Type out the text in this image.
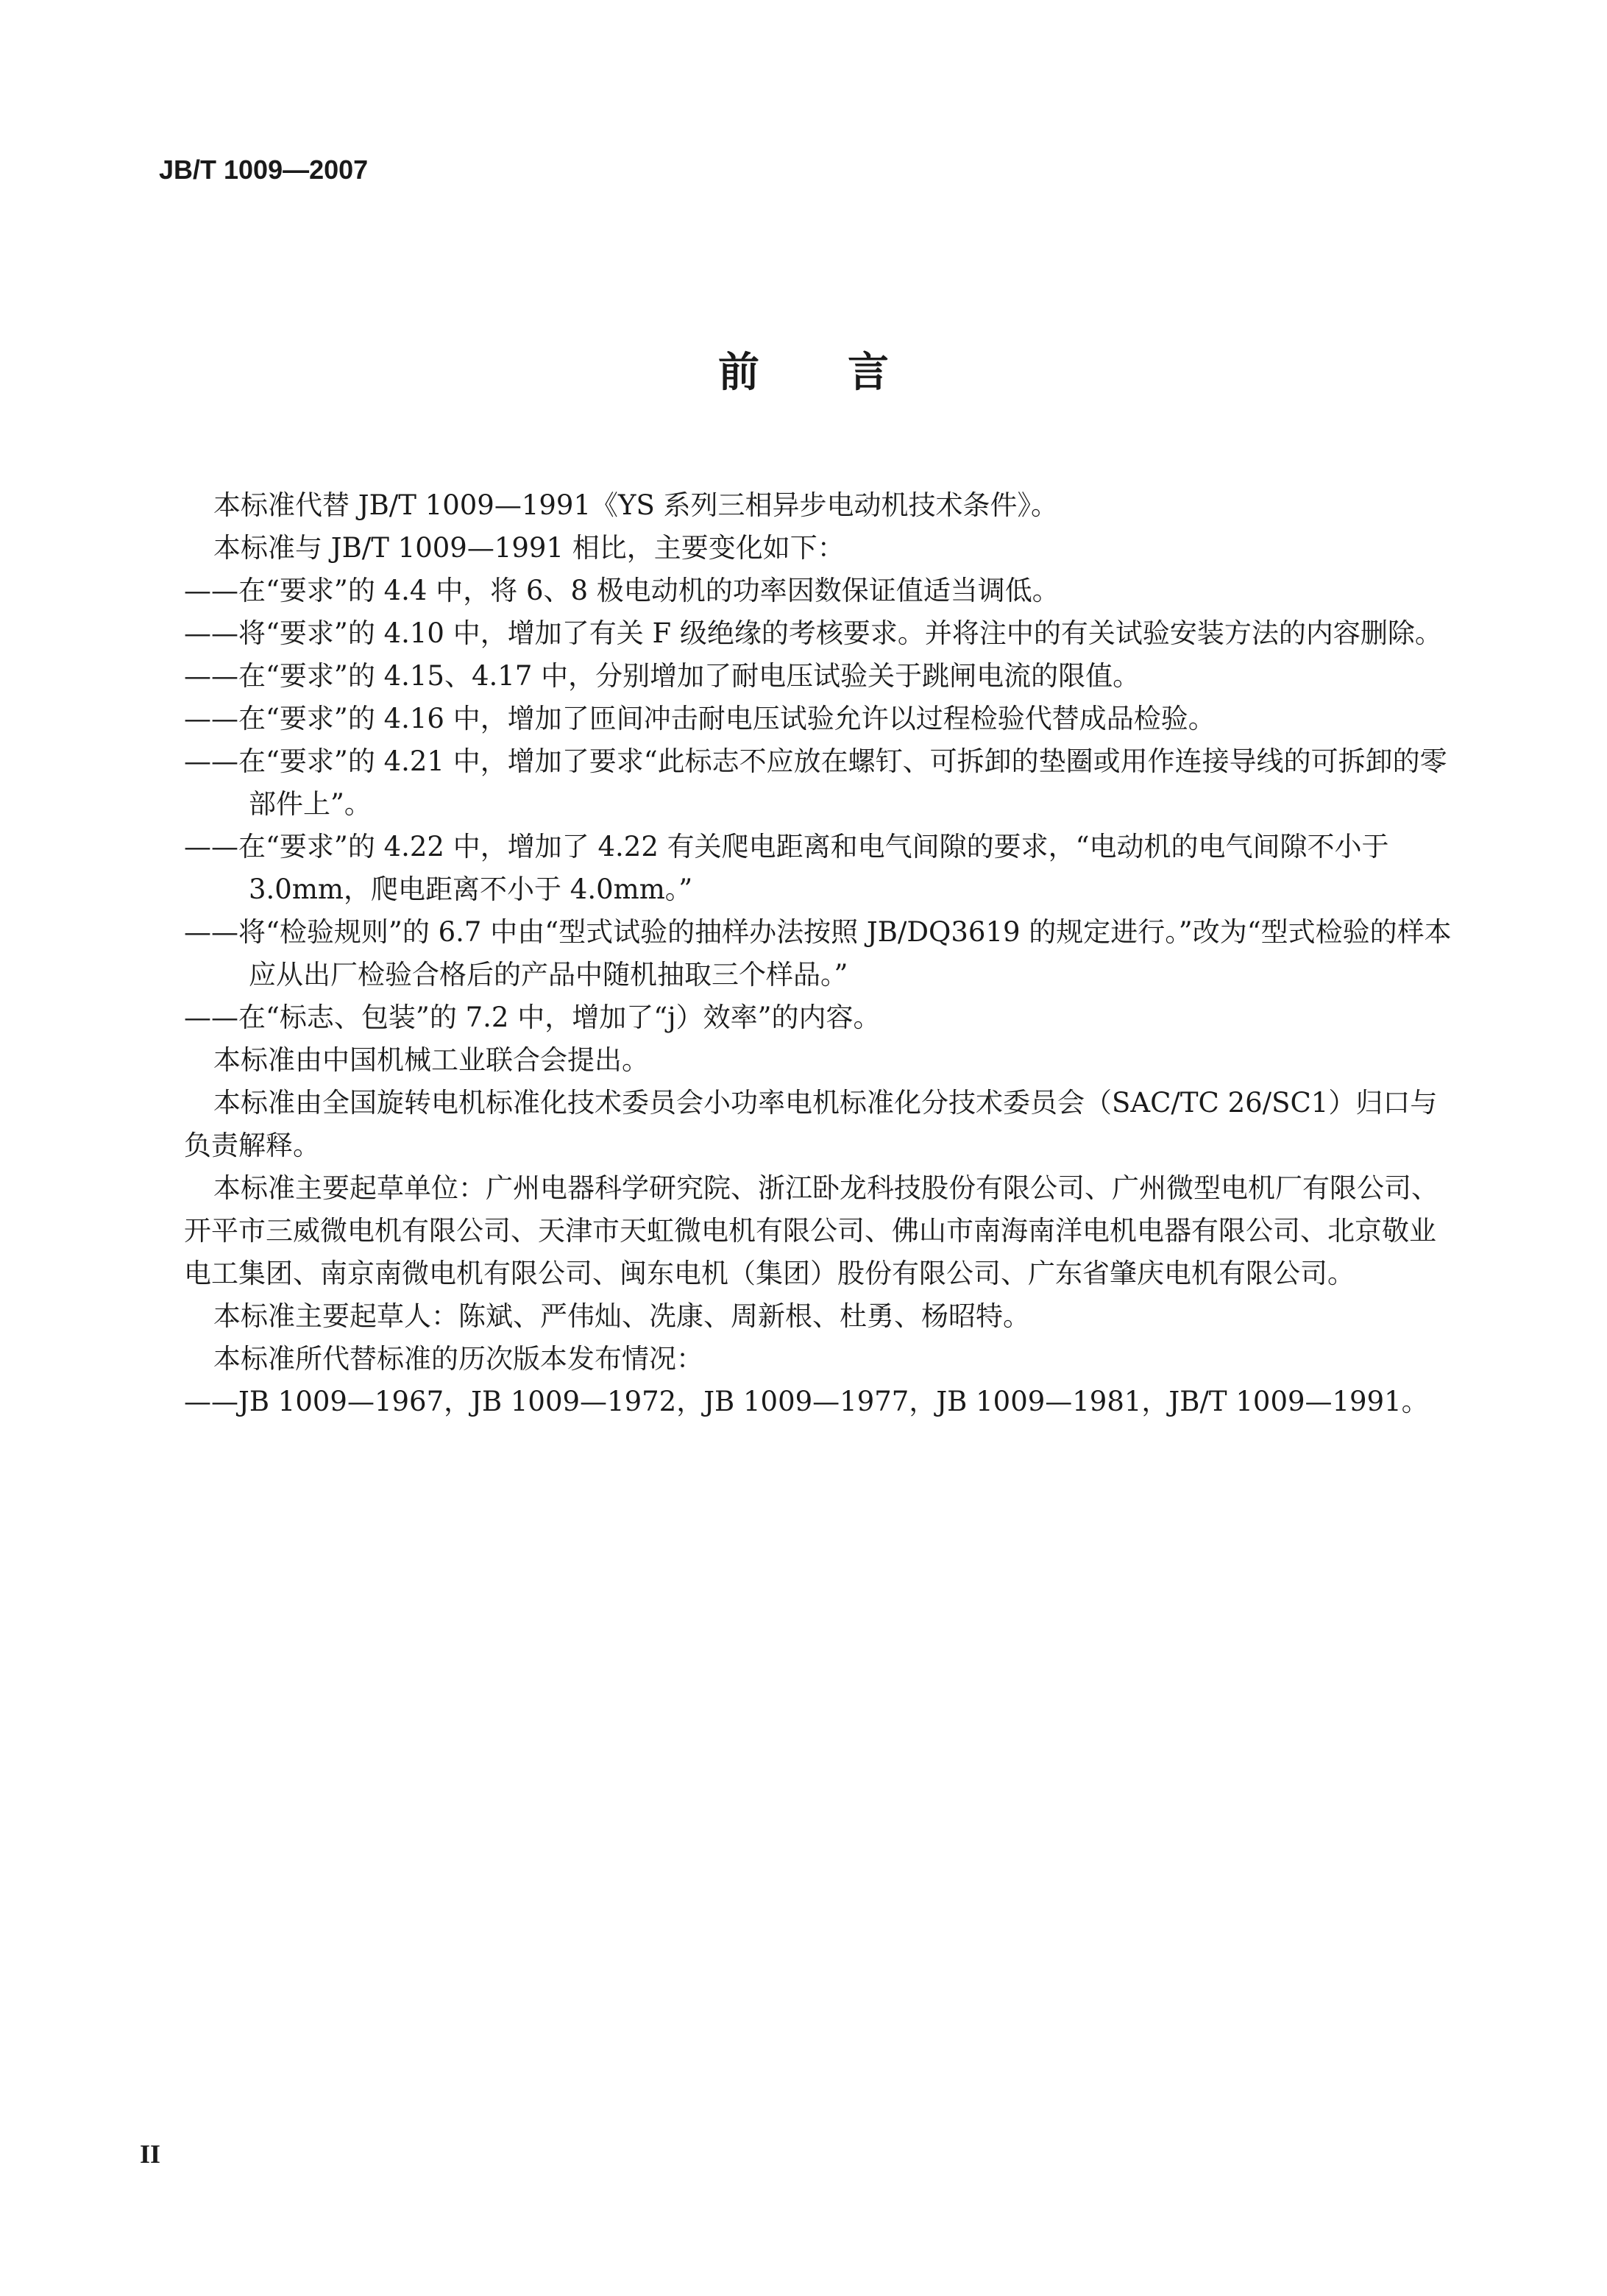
JB/T 1009—2007
前 言

本标准代替 JB/T 1009—1991《YS 系列三相异步电动机技术条件》。

本标准与 JB/T 1009—1991 相比，主要变化如下：

——在“要求”的 4.4 中，将 6、8 极电动机的功率因数保证值适当调低。

——将“要求”的 4.10 中，增加了有关 F 级绝缘的考核要求。并将注中的有关试验安装方法的内容删除。

——在“要求”的 4.15、4.17 中，分别增加了耐电压试验关于跳闸电流的限值。

——在“要求”的 4.16 中，增加了匝间冲击耐电压试验允许以过程检验代替成品检验。

——在“要求”的 4.21 中，增加了要求“此标志不应放在螺钉、可拆卸的垫圈或用作连接导线的可拆卸的零部件上”。

——在“要求”的 4.22 中，增加了 4.22 有关爬电距离和电气间隙的要求，“电动机的电气间隙不小于 3.0mm，爬电距离不小于 4.0mm。”

——将“检验规则”的 6.7 中由“型式试验的抽样办法按照 JB/DQ3619 的规定进行。”改为“型式检验的样本应从出厂检验合格后的产品中随机抽取三个样品。”

——在“标志、包装”的 7.2 中，增加了“j）效率”的内容。

本标准由中国机械工业联合会提出。

本标准由全国旋转电机标准化技术委员会小功率电机标准化分技术委员会（SAC/TC 26/SC1）归口与负责解释。

本标准主要起草单位：广州电器科学研究院、浙江卧龙科技股份有限公司、广州微型电机厂有限公司、开平市三威微电机有限公司、天津市天虹微电机有限公司、佛山市南海南洋电机电器有限公司、北京敬业电工集团、南京南微电机有限公司、闽东电机（集团）股份有限公司、广东省肇庆电机有限公司。

本标准主要起草人：陈斌、严伟灿、冼康、周新根、杜勇、杨昭特。

本标准所代替标准的历次版本发布情况：

——JB 1009—1967，JB 1009—1972，JB 1009—1977，JB 1009—1981，JB/T 1009—1991。

II
